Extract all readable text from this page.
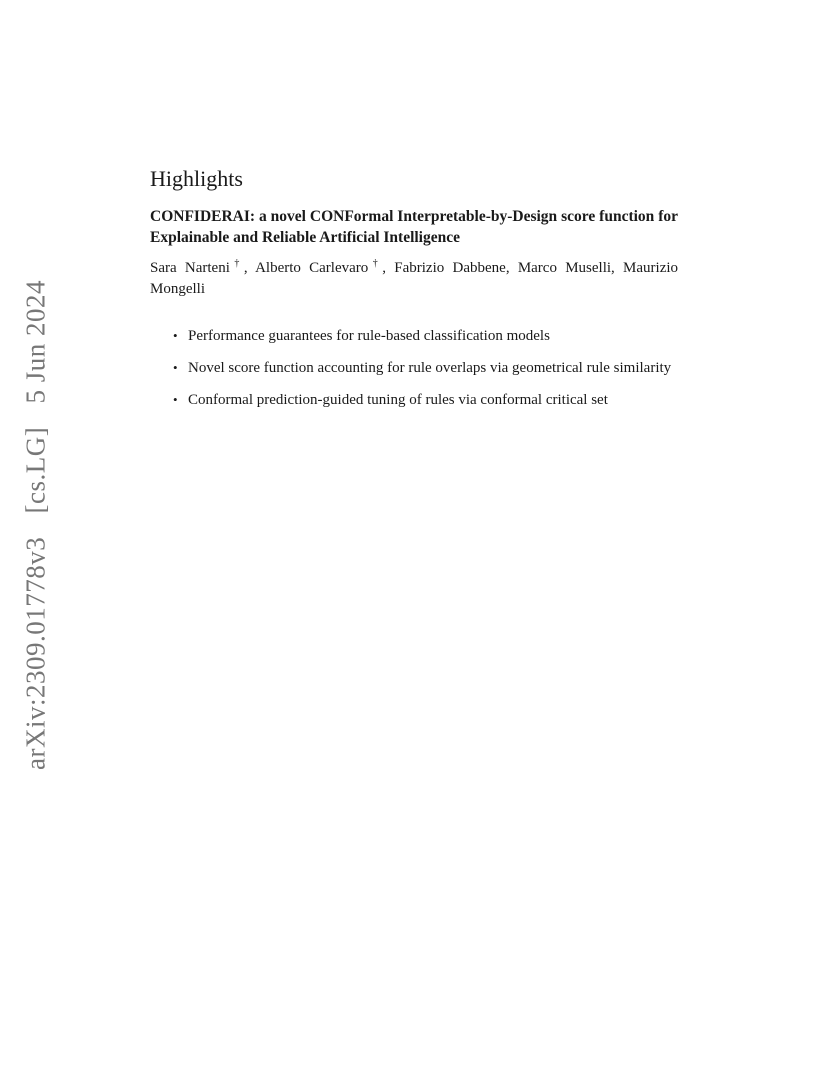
arXiv:2309.01778v3 [cs.LG] 5 Jun 2024
Highlights
CONFIDERAI: a novel CONFormal Interpretable-by-Design score function for Explainable and Reliable Artificial Intelligence
Sara Narteni†, Alberto Carlevaro†, Fabrizio Dabbene, Marco Muselli, Maurizio Mongelli
• Performance guarantees for rule-based classification models
• Novel score function accounting for rule overlaps via geometrical rule similarity
• Conformal prediction-guided tuning of rules via conformal critical set
